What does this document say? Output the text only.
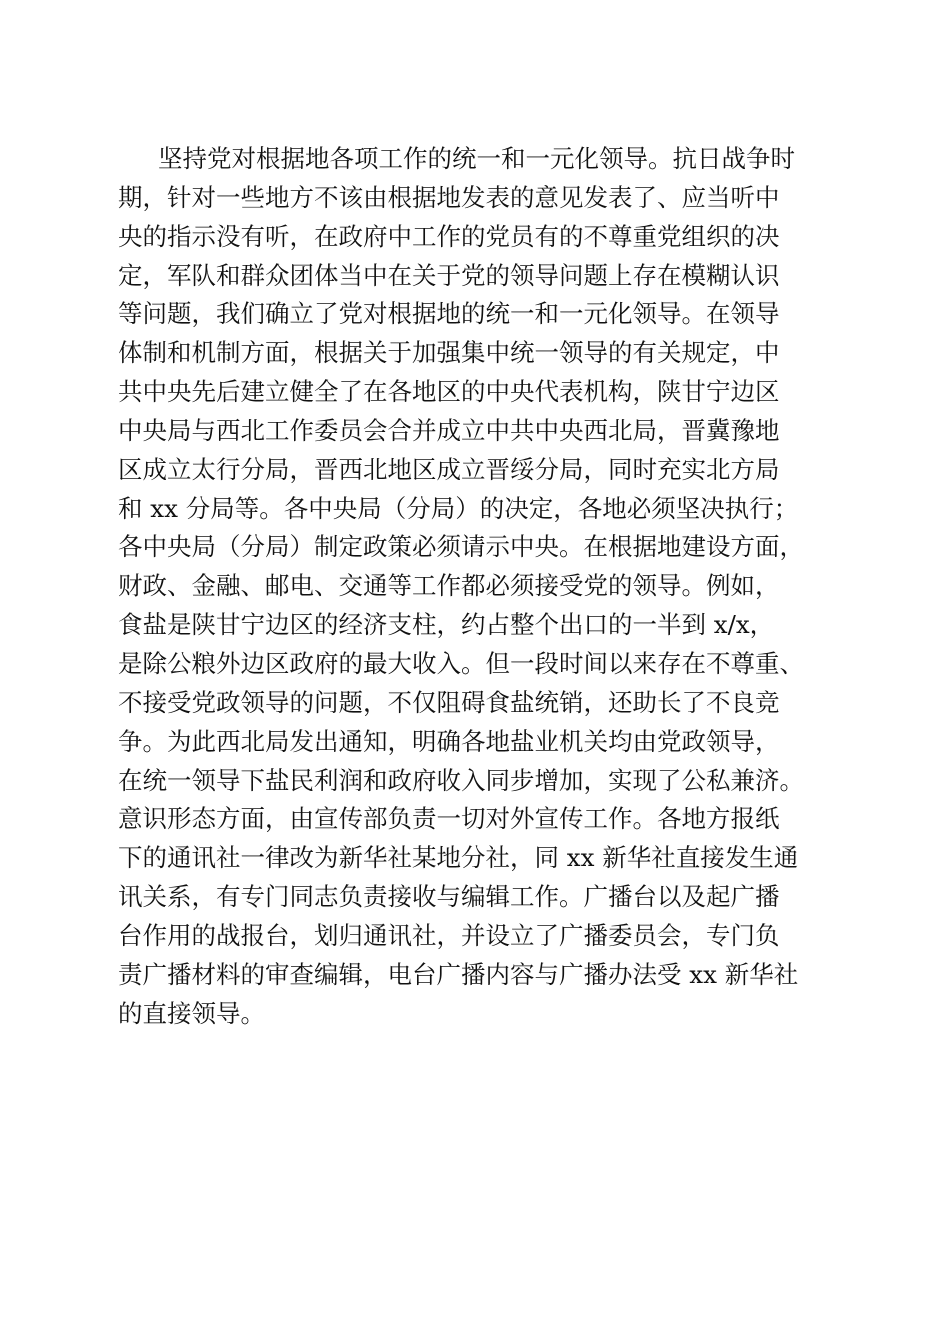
坚持党对根据地各项工作的统一和一元化领导。抗日战争时
期，针对一些地方不该由根据地发表的意见发表了、应当听中
央的指示没有听，在政府中工作的党员有的不尊重党组织的决
定，军队和群众团体当中在关于党的领导问题上存在模糊认识
等问题，我们确立了党对根据地的统一和一元化领导。在领导
体制和机制方面，根据关于加强集中统一领导的有关规定，中
共中央先后建立健全了在各地区的中央代表机构，陕甘宁边区
中央局与西北工作委员会合并成立中共中央西北局，晋冀豫地
区成立太行分局，晋西北地区成立晋绥分局，同时充实北方局
和 xx 分局等。各中央局（分局）的决定，各地必须坚决执行；
各中央局（分局）制定政策必须请示中央。在根据地建设方面，
财政、金融、邮电、交通等工作都必须接受党的领导。例如，
食盐是陕甘宁边区的经济支柱，约占整个出口的一半到 x/x，
是除公粮外边区政府的最大收入。但一段时间以来存在不尊重、
不接受党政领导的问题，不仅阻碍食盐统销，还助长了不良竞
争。为此西北局发出通知，明确各地盐业机关均由党政领导，
在统一领导下盐民利润和政府收入同步增加，实现了公私兼济。
意识形态方面，由宣传部负责一切对外宣传工作。各地方报纸
下的通讯社一律改为新华社某地分社，同 xx 新华社直接发生通
讯关系，有专门同志负责接收与编辑工作。广播台以及起广播
台作用的战报台，划归通讯社，并设立了广播委员会，专门负
责广播材料的审查编辑，电台广播内容与广播办法受 xx 新华社
的直接领导。
